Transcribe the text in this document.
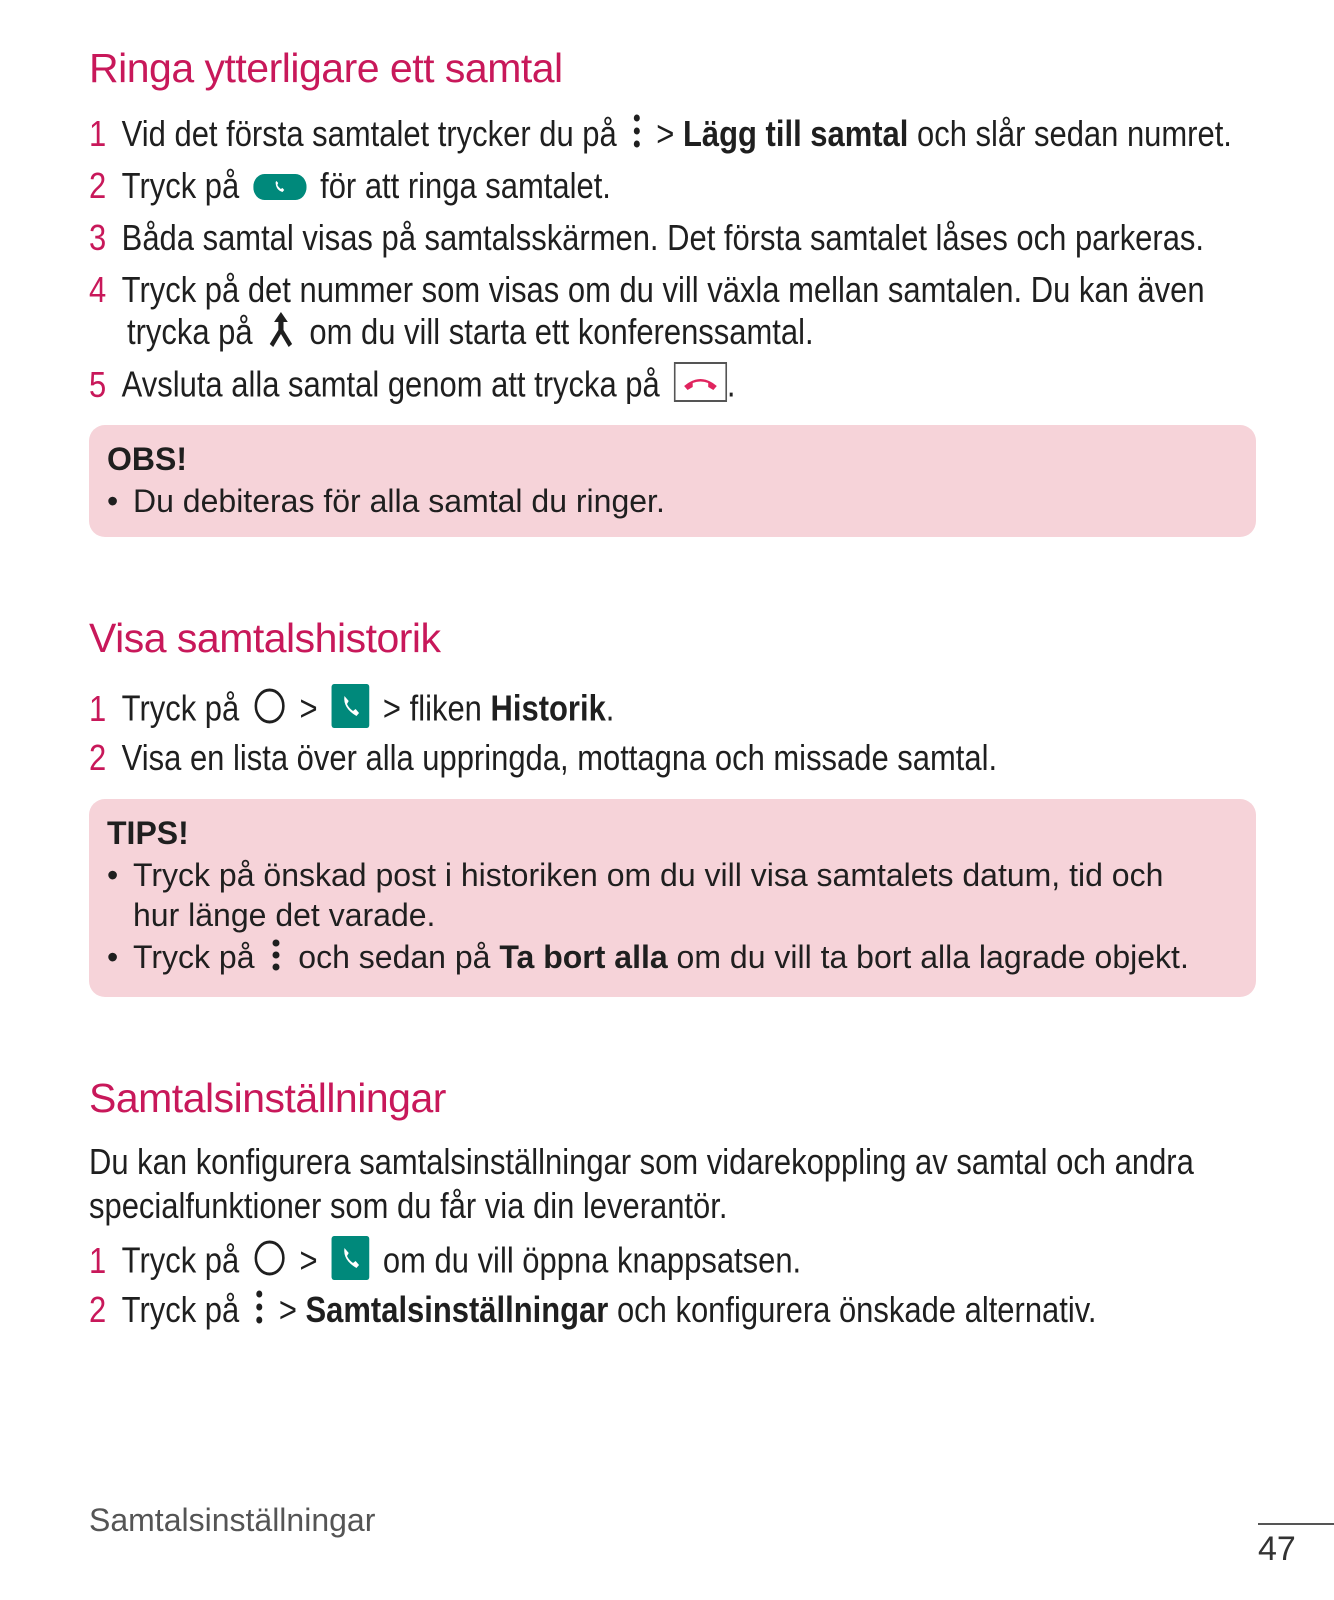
Ringa ytterligare ett samtal
1 Vid det första samtalet trycker du på > Lägg till samtal och slår sedan numret.
2 Tryck på för att ringa samtalet.
3 Båda samtal visas på samtalsskärmen. Det första samtalet låses och parkeras.
4 Tryck på det nummer som visas om du vill växla mellan samtalen. Du kan även
trycka på om du vill starta ett konferenssamtal.
5 Avsluta alla samtal genom att trycka på .
OBS!
• Du debiteras för alla samtal du ringer.
Visa samtalshistorik
1 Tryck på > > fliken Historik.
2 Visa en lista över alla uppringda, mottagna och missade samtal.
TIPS!
• Tryck på önskad post i historiken om du vill visa samtalets datum, tid och
hur länge det varade.
• Tryck på och sedan på Ta bort alla om du vill ta bort alla lagrade objekt.
Samtalsinställningar
Du kan konfigurera samtalsinställningar som vidarekoppling av samtal och andra
specialfunktioner som du får via din leverantör.
1 Tryck på > om du vill öppna knappsatsen.
2 Tryck på > Samtalsinställningar och konfigurera önskade alternativ.
Samtalsinställningar
47
